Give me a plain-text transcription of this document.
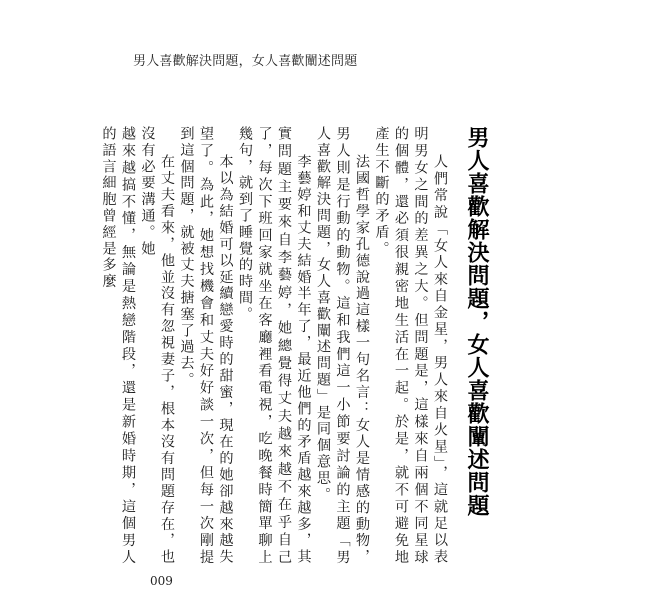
男人喜歡解決問題，女人喜歡闡述問題
男人喜歡解決問題，女人喜歡闡述問題

人們常說「女人來自金星，男人來自火星」，這就足以表明男女之間的差異之大。但問題是，這樣來自兩個不同星球的個體，還必須很親密地生活在一起。於是，就不可避免地產生不斷的矛盾。

法國哲學家孔德說過這樣一句名言：女人是情感的動物，男人則是行動的動物。這和我們這一小節要討論的主題「男人喜歡解決問題，女人喜歡闡述問題」是同個意思。

李藝婷和丈夫結婚半年了，最近他們的矛盾越來越多，其實問題主要來自李藝婷，她總覺得丈夫越來越不在乎自己了，每次下班回家就坐在客廳裡看電視，吃晚餐時簡單聊上幾句，就到了睡覺的時間。

本以為結婚可以延續戀愛時的甜蜜，現在的她卻越來越失望了。為此，她想找機會和丈夫好好談一次，但每一次剛提到這個問題，就被丈夫搪塞了過去。

在丈夫看來，他並沒有忽視妻子，根本沒有問題存在，也沒有必要溝通。她

越來越搞不懂，無論是熱戀階段，還是新婚時期，這個男人的語言細胞曾經是多麼

009
